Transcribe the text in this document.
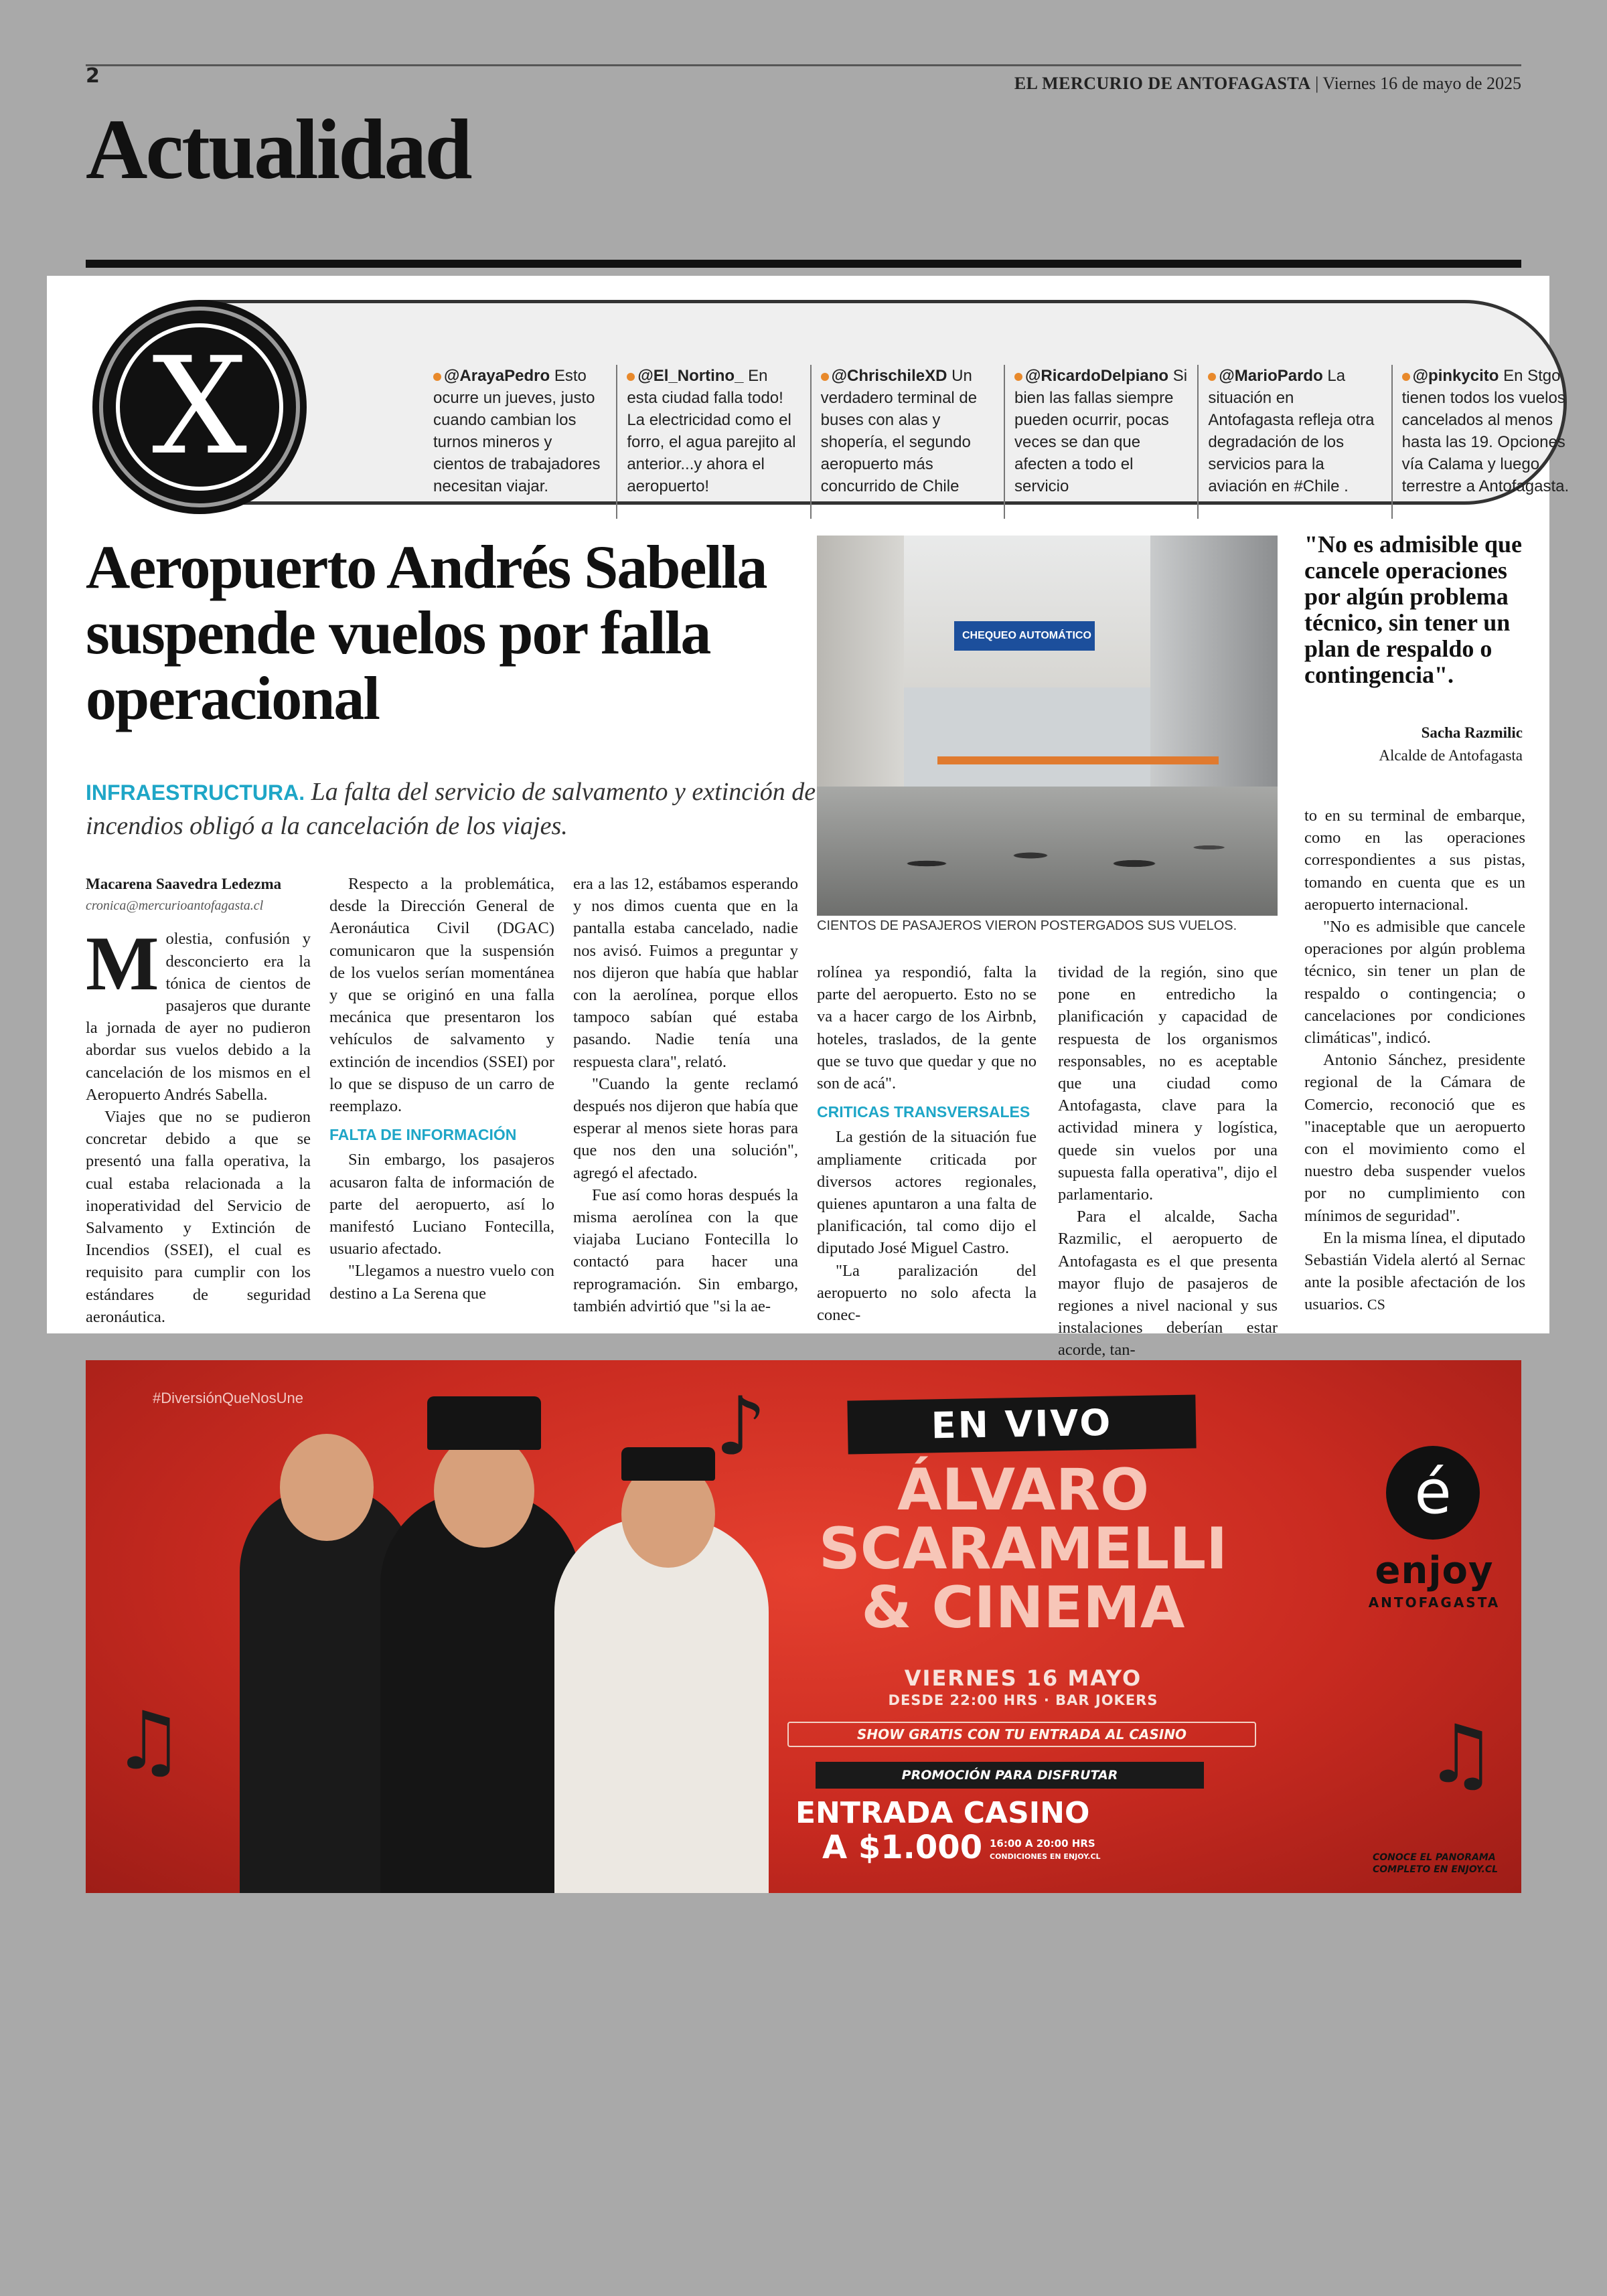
2	EL MERCURIO DE ANTOFAGASTA | Viernes 16 de mayo de 2025
Actualidad
@ArayaPedro Esto ocurre un jueves, justo cuando cambian los turnos mineros y cientos de trabajadores necesitan viajar.
@El_Nortino_ En esta ciudad falla todo! La electricidad como el forro, el agua parejito al anterior...y ahora el aeropuerto!
@ChrischileXD Un verdadero terminal de buses con alas y shopería, el segundo aeropuerto más concurrido de Chile
@RicardoDelpiano Si bien las fallas siempre pueden ocurrir, pocas veces se dan que afecten a todo el servicio
@MarioPardo La situación en Antofagasta refleja otra degradación de los servicios para la aviación en #Chile .
@pinkycito En Stgo tienen todos los vuelos cancelados al menos hasta las 19. Opciones vía Calama y luego terrestre a Antofagasta.
X
Aeropuerto Andrés Sabella suspende vuelos por falla operacional
INFRAESTRUCTURA. La falta del servicio de salvamento y extinción de incendios obligó a la cancelación de los viajes.
CHEQUEO AUTOMÁTICO
CIENTOS DE PASAJEROS VIERON POSTERGADOS SUS VUELOS.
"No es admisible que cancele operaciones por algún problema técnico, sin tener un plan de respaldo o contingencia".
Sacha Razmilic
Alcalde de Antofagasta
Macarena Saavedra Ledezma
cronica@mercurioantofagasta.cl

Molestia, confusión y desconcierto era la tónica de cientos de pasajeros que durante la jornada de ayer no pudieron abordar sus vuelos debido a la cancelación de los mismos en el Aeropuerto Andrés Sabella.

Viajes que no se pudieron concretar debido a que se presentó una falla operativa, la cual estaba relacionada a la inoperatividad del Servicio de Salvamento y Extinción de Incendios (SSEI), el cual es requisito para cumplir con los estándares de seguridad aeronáutica.

Respecto a la problemática, desde la Dirección General de Aeronáutica Civil (DGAC) comunicaron que la suspensión de los vuelos serían momentánea y que se originó en una falla mecánica que presentaron los vehículos de salvamento y extinción de incendios (SSEI) por lo que se dispuso de un carro de reemplazo.

FALTA DE INFORMACIÓN

Sin embargo, los pasajeros acusaron falta de información de parte del aeropuerto, así lo manifestó Luciano Fontecilla, usuario afectado.

"Llegamos a nuestro vuelo con destino a La Serena que

era a las 12, estábamos esperando y nos dimos cuenta que en la pantalla estaba cancelado, nadie nos avisó. Fuimos a preguntar y nos dijeron que había que hablar con la aerolínea, porque ellos tampoco sabían qué estaba pasando. Nadie tenía una respuesta clara", relató.

"Cuando la gente reclamó después nos dijeron que había que esperar al menos siete horas para que nos den una solución", agregó el afectado.

Fue así como horas después la misma aerolínea con la que viajaba Luciano Fontecilla lo contactó para hacer una reprogramación. Sin embargo, también advirtió que "si la ae-

rolínea ya respondió, falta la parte del aeropuerto. Esto no se va a hacer cargo de los Airbnb, hoteles, traslados, de la gente que se tuvo que quedar y que no son de acá".

CRITICAS TRANSVERSALES

La gestión de la situación fue ampliamente criticada por diversos actores regionales, quienes apuntaron a una falta de planificación, tal como dijo el diputado José Miguel Castro.

"La paralización del aeropuerto no solo afecta la conec-

tividad de la región, sino que pone en entredicho la planificación y capacidad de respuesta de los organismos responsables, no es aceptable que una ciudad como Antofagasta, clave para la actividad minera y logística, quede sin vuelos por una supuesta falla operativa", dijo el parlamentario.

Para el alcalde, Sacha Razmilic, el aeropuerto de Antofagasta es el que presenta mayor flujo de pasajeros de regiones a nivel nacional y sus instalaciones deberían estar acorde, tan-

to en su terminal de embarque, como en las operaciones correspondientes a sus pistas, tomando en cuenta que es un aeropuerto internacional.

"No es admisible que cancele operaciones por algún problema técnico, sin tener un plan de respaldo o contingencia; o cancelaciones por condiciones climáticas", indicó.

Antonio Sánchez, presidente regional de la Cámara de Comercio, reconoció que es "inaceptable que un aeropuerto con el movimiento como el nuestro deba suspender vuelos por no cumplimiento con mínimos de seguridad".

En la misma línea, el diputado Sebastián Videla alertó al Sernac ante la posible afectación de los usuarios. CS

#DiversiónQueNosUne	♪
♫
♫
EN VIVO
ÁLVARO
SCARAMELLI
& CINEMA
VIERNES 16 MAYO
DESDE 22:00 HRS · BAR JOKERS
SHOW GRATIS CON TU ENTRADA AL CASINO
PROMOCIÓN PARA DISFRUTAR
ENTRADA CASINO
A $1.000 16:00 A 20:00 HRS
CONDICIONES EN ENJOY.CL
é
enjoy
ANTOFAGASTA
CONOCE EL PANORAMA
COMPLETO EN ENJOY.CL
